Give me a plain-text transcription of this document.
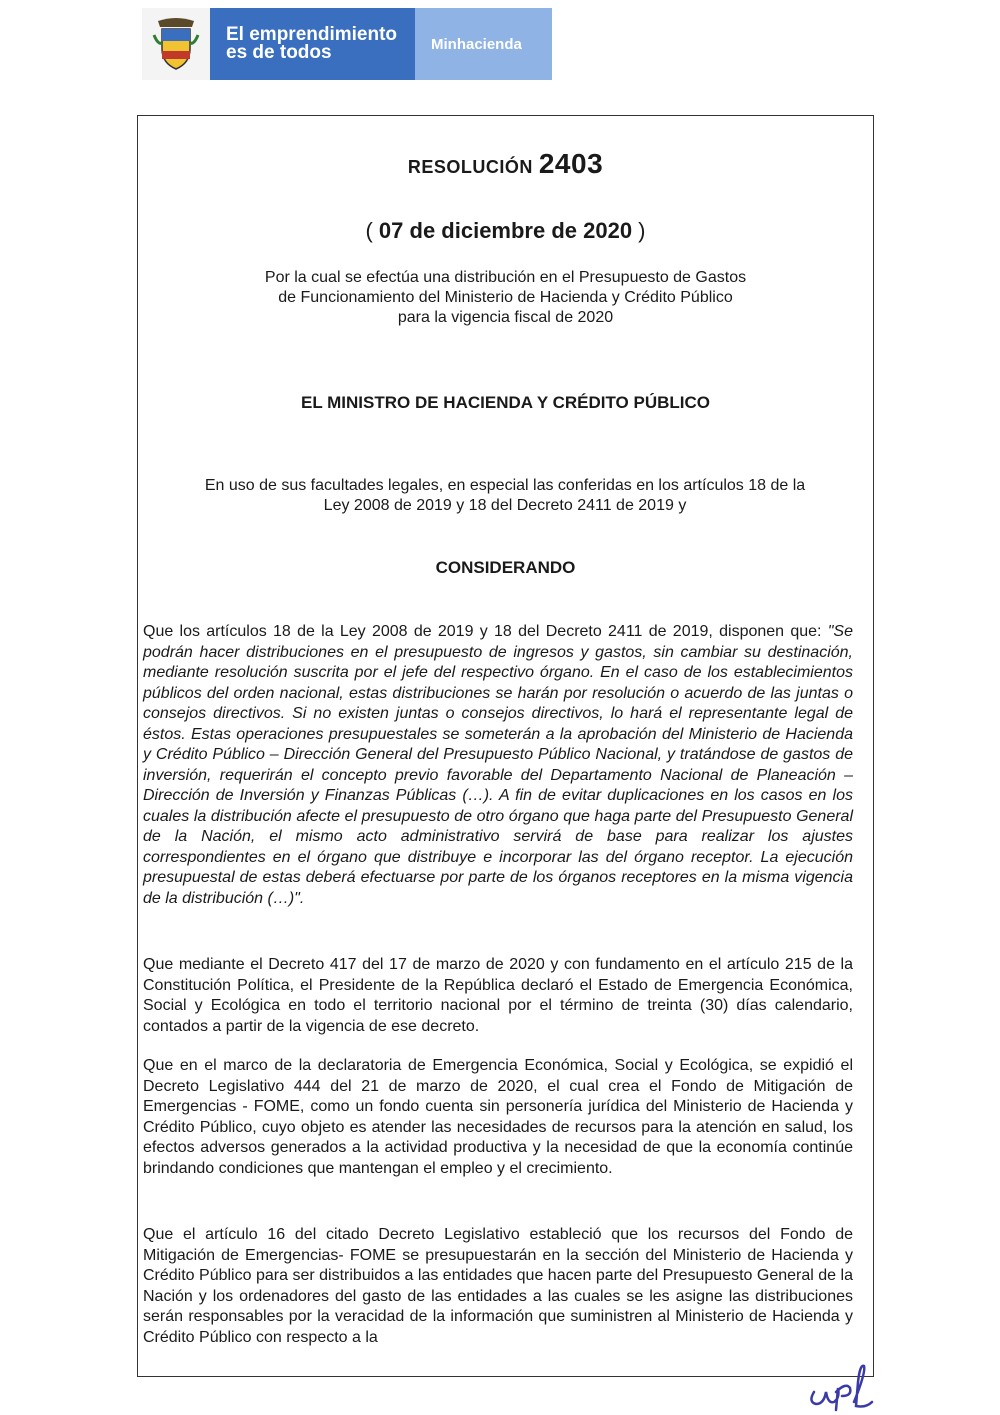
El emprendimiento
es de todos	Minhacienda
RESOLUCIÓN 2403
( 07 de diciembre de 2020 )
Por la cual se efectúa una distribución en el Presupuesto de Gastos
de Funcionamiento del Ministerio de Hacienda y Crédito Público
para la vigencia fiscal de 2020
EL MINISTRO DE HACIENDA Y CRÉDITO PÚBLICO
En uso de sus facultades legales, en especial las conferidas en los artículos 18 de la
Ley 2008 de 2019 y 18 del Decreto 2411 de 2019 y
CONSIDERANDO

Que los artículos 18 de la Ley 2008 de 2019 y 18 del Decreto 2411 de 2019, disponen que: "Se podrán hacer distribuciones en el presupuesto de ingresos y gastos, sin cambiar su destinación, mediante resolución suscrita por el jefe del respectivo órgano. En el caso de los establecimientos públicos del orden nacional, estas distribuciones se harán por resolución o acuerdo de las juntas o consejos directivos. Si no existen juntas o consejos directivos, lo hará el representante legal de éstos. Estas operaciones presupuestales se someterán a la aprobación del Ministerio de Hacienda y Crédito Público – Dirección General del Presupuesto Público Nacional, y tratándose de gastos de inversión, requerirán el concepto previo favorable del Departamento Nacional de Planeación – Dirección de Inversión y Finanzas Públicas (…). A fin de evitar duplicaciones en los casos en los cuales la distribución afecte el presupuesto de otro órgano que haga parte del Presupuesto General de la Nación, el mismo acto administrativo servirá de base para realizar los ajustes correspondientes en el órgano que distribuye e incorporar las del órgano receptor. La ejecución presupuestal de estas deberá efectuarse por parte de los órganos receptores en la misma vigencia de la distribución (…)".

Que mediante el Decreto 417 del 17 de marzo de 2020 y con fundamento en el artículo 215 de la Constitución Política, el Presidente de la República declaró el Estado de Emergencia Económica, Social y Ecológica en todo el territorio nacional por el término de treinta (30) días calendario, contados a partir de la vigencia de ese decreto.

Que en el marco de la declaratoria de Emergencia Económica, Social y Ecológica, se expidió el Decreto Legislativo 444 del 21 de marzo de 2020, el cual crea el Fondo de Mitigación de Emergencias - FOME, como un fondo cuenta sin personería jurídica del Ministerio de Hacienda y Crédito Público, cuyo objeto es atender las necesidades de recursos para la atención en salud, los efectos adversos generados a la actividad productiva y la necesidad de que la economía continúe brindando condiciones que mantengan el empleo y el crecimiento.

Que el artículo 16 del citado Decreto Legislativo estableció que los recursos del Fondo de Mitigación de Emergencias- FOME se presupuestarán en la sección del Ministerio de Hacienda y Crédito Público para ser distribuidos a las entidades que hacen parte del Presupuesto General de la Nación y los ordenadores del gasto de las entidades a las cuales se les asigne las distribuciones serán responsables por la veracidad de la información que suministren al Ministerio de Hacienda y Crédito Público con respecto a la
